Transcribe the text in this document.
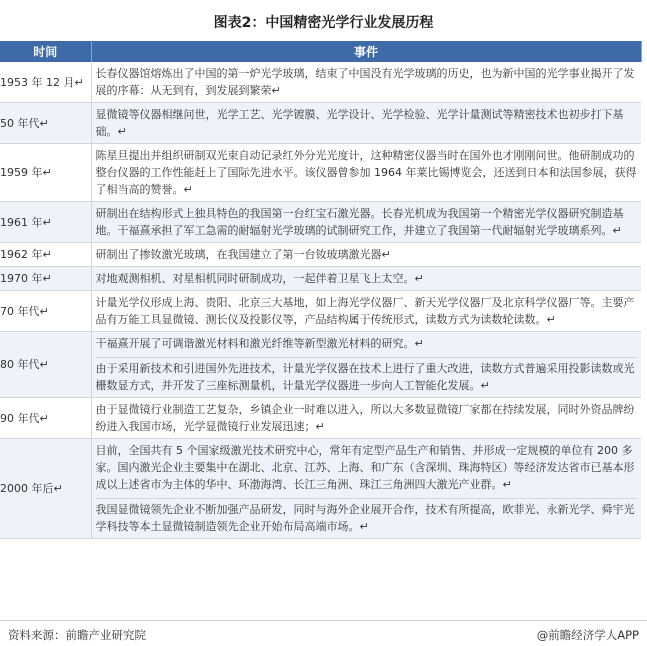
图表2：中国精密光学行业发展历程
时间	事件
1953 年 12 月↵	长春仪器馆熔炼出了中国的第一炉光学玻璃，结束了中国没有光学玻璃的历史，也为新中国的光学事业揭开了发展的序幕：从无到有，到发展到繁荣↵

50 年代↵	显微镜等仪器相继问世，光学工艺、光学镀膜、光学设计、光学检验、光学计量测试等精密技术也初步打下基础。↵

1959 年↵	陈星旦提出并组织研制双光束自动记录红外分光光度计，这种精密仪器当时在国外也才刚刚问世。他研制成功的整台仪器的工作性能赶上了国际先进水平。该仪器曾参加 1964 年莱比锡博览会，还送到日本和法国参展，获得了相当高的赞誉。↵

1961 年↵	研制出在结构形式上独具特色的我国第一台红宝石激光器。长春光机成为我国第一个精密光学仪器研究制造基地。干福熹承担了军工急需的耐辐射光学玻璃的试制研究工作，并建立了我国第一代耐辐射光学玻璃系列。↵

1962 年↵	研制出了掺钕激光玻璃，在我国建立了第一台钕玻璃激光器↵

1970 年↵	对地观测相机、对星相机同时研制成功，一起伴着卫星飞上太空。↵

70 年代↵	计量光学仪形成上海、贵阳、北京三大基地，如上海光学仪器厂、新天光学仪器厂及北京科学仪器厂等。主要产品有万能工具显微镜、测长仪及投影仪等，产品结构属于传统形式，读数方式为读数轮读数。↵

80 年代↵	干福熹开展了可调谐激光材料和激光纤维等新型激光材料的研究。↵
由于采用新技术和引进国外先进技术，计量光学仪器在技术上进行了重大改进，读数方式普遍采用投影读数或光栅数显方式，并开发了三座标测量机，计量光学仪器进一步向人工智能化发展。↵

90 年代↵	由于显微镜行业制造工艺复杂，乡镇企业一时难以进入，所以大多数显微镜厂家都在持续发展，同时外资品牌纷纷进入我国市场，光学显微镜行业发展迅速；↵

2000 年后↵	目前，全国共有 5 个国家级激光技术研究中心，常年有定型产品生产和销售、并形成一定规模的单位有 200 多家。国内激光企业主要集中在湖北、北京、江苏、上海、和广东（含深圳、珠海特区）等经济发达省市已基本形成以上述省市为主体的华中、环渤海湾、长江三角洲、珠江三角洲四大激光产业群。↵
我国显微镜领先企业不断加强产品研发，同时与海外企业展开合作，技术有所提高，欧菲光、永新光学、舜宇光学科技等本土显微镜制造领先企业开始布局高端市场。↵
资料来源：前瞻产业研究院	@前瞻经济学人APP
